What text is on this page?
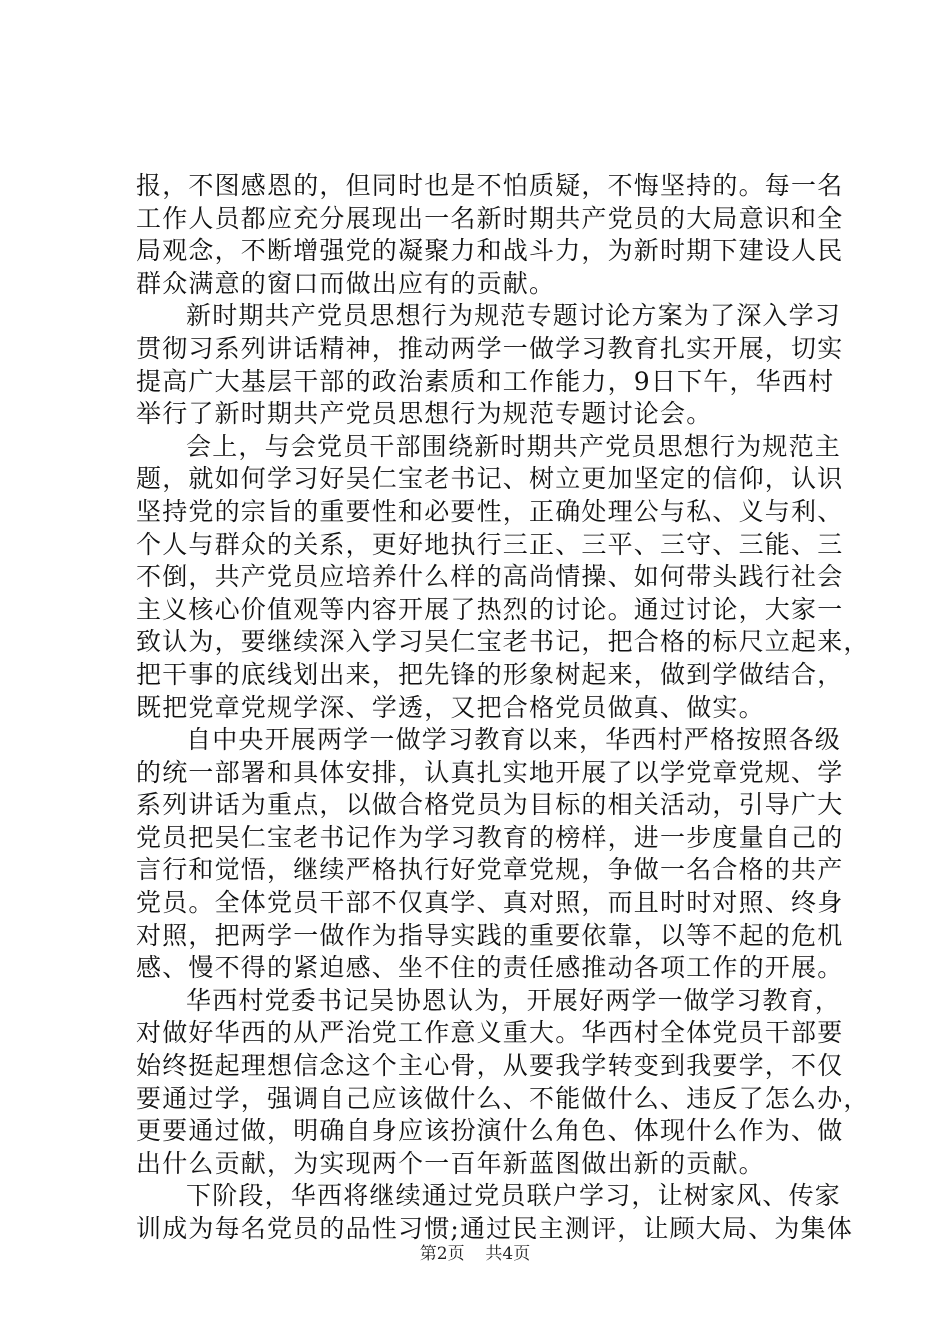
报，不图感恩的，但同时也是不怕质疑，不悔坚持的。每一名
工作人员都应充分展现出一名新时期共产党员的大局意识和全
局观念，不断增强党的凝聚力和战斗力，为新时期下建设人民
群众满意的窗口而做出应有的贡献。
新时期共产党员思想行为规范专题讨论方案为了深入学习
贯彻习系列讲话精神，推动两学一做学习教育扎实开展，切实
提高广大基层干部的政治素质和工作能力，9日下午，华西村
举行了新时期共产党员思想行为规范专题讨论会。
会上，与会党员干部围绕新时期共产党员思想行为规范主
题，就如何学习好吴仁宝老书记、树立更加坚定的信仰，认识
坚持党的宗旨的重要性和必要性，正确处理公与私、义与利、
个人与群众的关系，更好地执行三正、三平、三守、三能、三
不倒，共产党员应培养什么样的高尚情操、如何带头践行社会
主义核心价值观等内容开展了热烈的讨论。通过讨论，大家一
致认为，要继续深入学习吴仁宝老书记，把合格的标尺立起来，
把干事的底线划出来，把先锋的形象树起来，做到学做结合，
既把党章党规学深、学透，又把合格党员做真、做实。
自中央开展两学一做学习教育以来，华西村严格按照各级
的统一部署和具体安排，认真扎实地开展了以学党章党规、学
系列讲话为重点，以做合格党员为目标的相关活动，引导广大
党员把吴仁宝老书记作为学习教育的榜样，进一步度量自己的
言行和觉悟，继续严格执行好党章党规，争做一名合格的共产
党员。全体党员干部不仅真学、真对照，而且时时对照、终身
对照，把两学一做作为指导实践的重要依靠，以等不起的危机
感、慢不得的紧迫感、坐不住的责任感推动各项工作的开展。
华西村党委书记吴协恩认为，开展好两学一做学习教育，
对做好华西的从严治党工作意义重大。华西村全体党员干部要
始终挺起理想信念这个主心骨，从要我学转变到我要学，不仅
要通过学，强调自己应该做什么、不能做什么、违反了怎么办，
更要通过做，明确自身应该扮演什么角色、体现什么作为、做
出什么贡献，为实现两个一百年新蓝图做出新的贡献。
下阶段，华西将继续通过党员联户学习，让树家风、传家
训成为每名党员的品性习惯;通过民主测评，让顾大局、为集体
第2页 共4页
